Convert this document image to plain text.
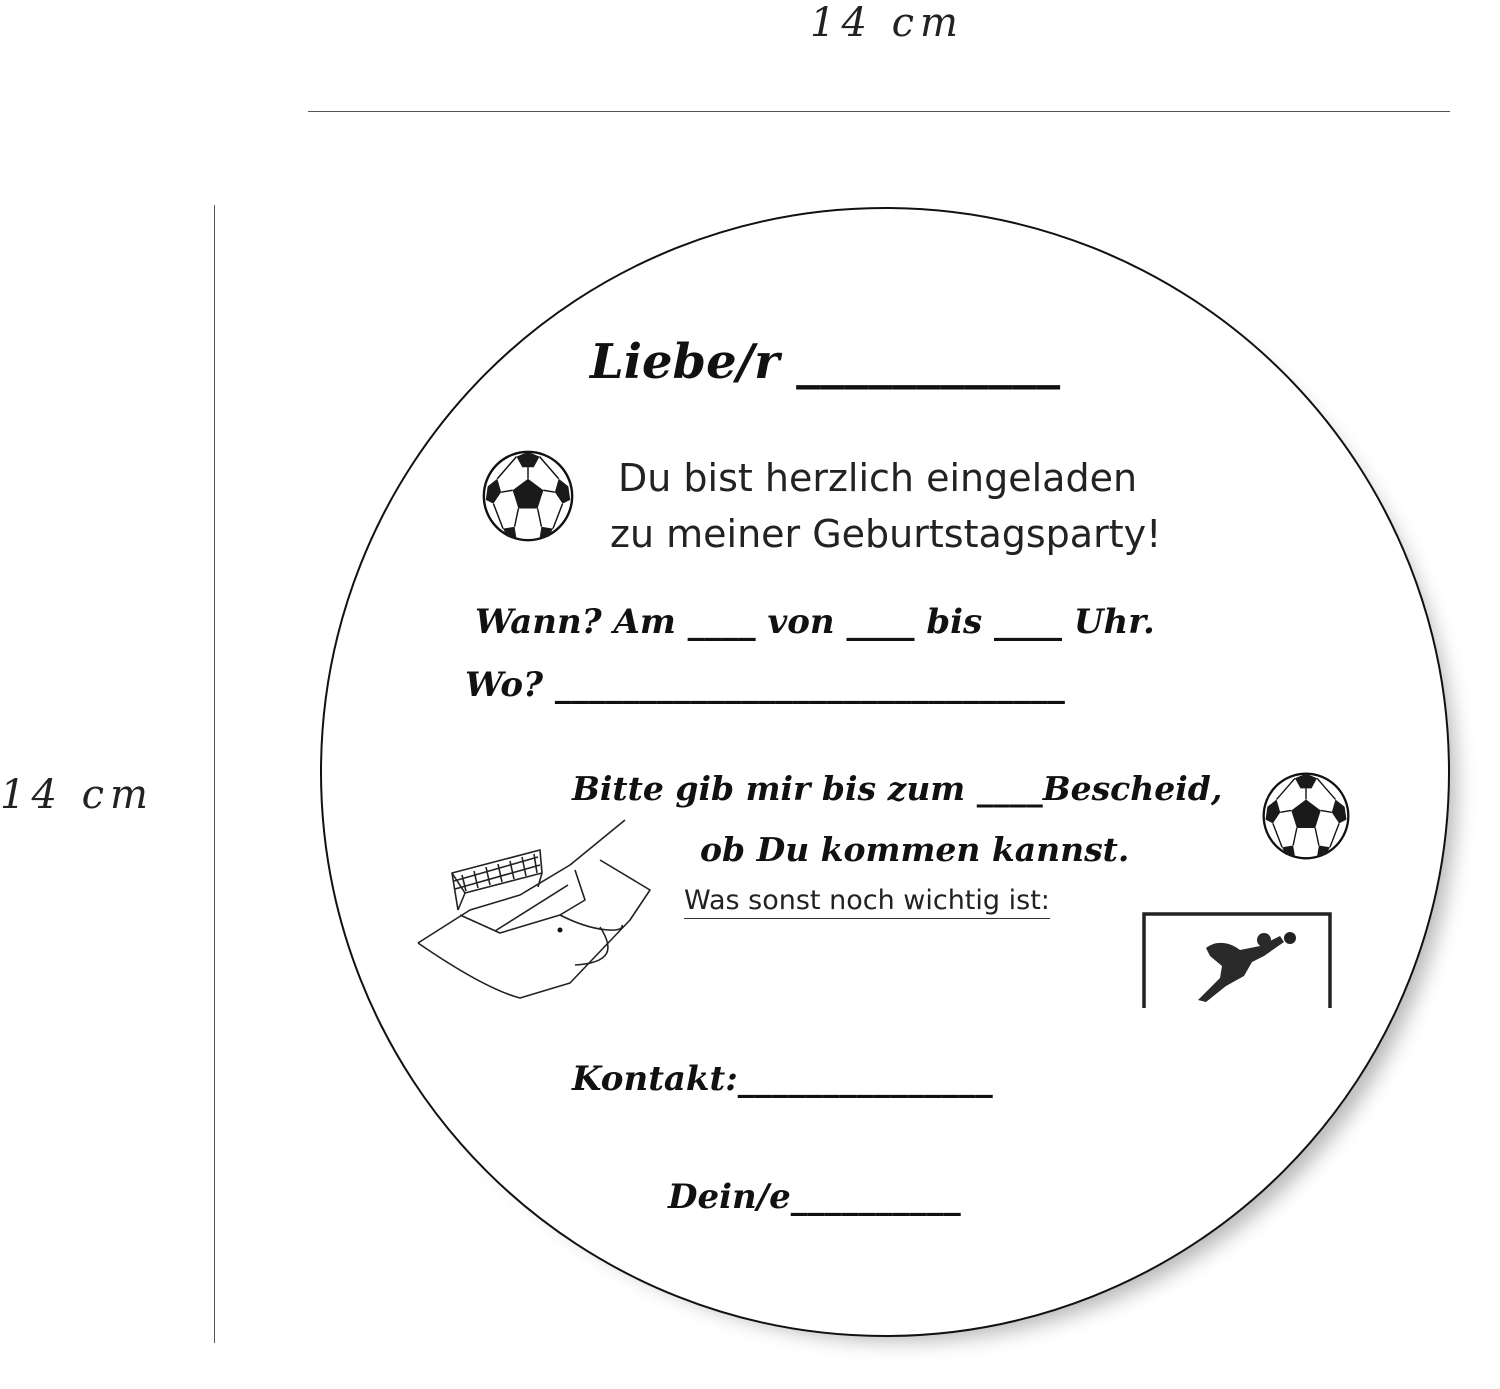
14 cm
14 cm
Liebe/r ___________
Du bist herzlich eingeladen
zu meiner Geburtstagsparty!
Wann? Am ____ von ____ bis ____ Uhr.
Wo? ______________________________
Bitte gib mir bis zum ____Bescheid,
ob Du kommen kannst.
Was sonst noch wichtig ist:
Kontakt:_______________
Dein/e__________
